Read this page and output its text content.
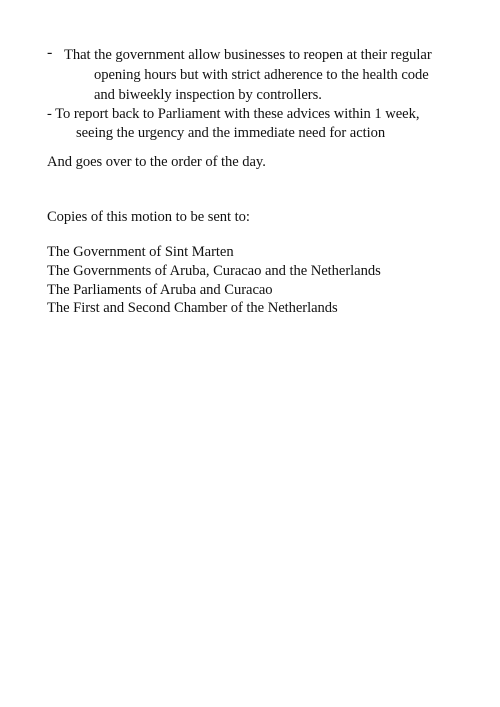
- That the government allow businesses to reopen at their regular
opening hours but with strict adherence to the health code
and biweekly inspection by controllers.
- To report back to Parliament with these advices within 1 week,
seeing the urgency and the immediate need for action
And goes over to the order of the day.
Copies of this motion to be sent to:
The Government of Sint Marten
The Governments of Aruba, Curacao and the Netherlands
The Parliaments of Aruba and Curacao
The First and Second Chamber of the Netherlands
